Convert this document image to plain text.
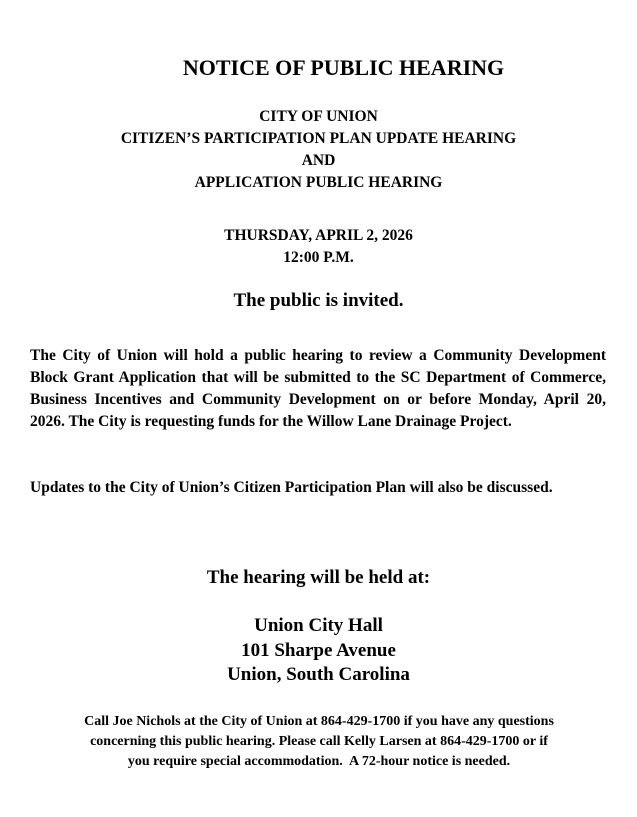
NOTICE OF PUBLIC HEARING
CITY OF UNION
CITIZEN’S PARTICIPATION PLAN UPDATE HEARING
AND
APPLICATION PUBLIC HEARING
THURSDAY, APRIL 2, 2026
12:00 P.M.
The public is invited.

The City of Union will hold a public hearing to review a Community Development Block Grant Application that will be submitted to the SC Department of Commerce, Business Incentives and Community Development on or before Monday, April 20, 2026. The City is requesting funds for the Willow Lane Drainage Project.

Updates to the City of Union’s Citizen Participation Plan will also be discussed.

The hearing will be held at:
Union City Hall
101 Sharpe Avenue
Union, South Carolina
Call Joe Nichols at the City of Union at 864-429-1700 if you have any questions
concerning this public hearing. Please call Kelly Larsen at 864-429-1700 or if
you require special accommodation.  A 72-hour notice is needed.
